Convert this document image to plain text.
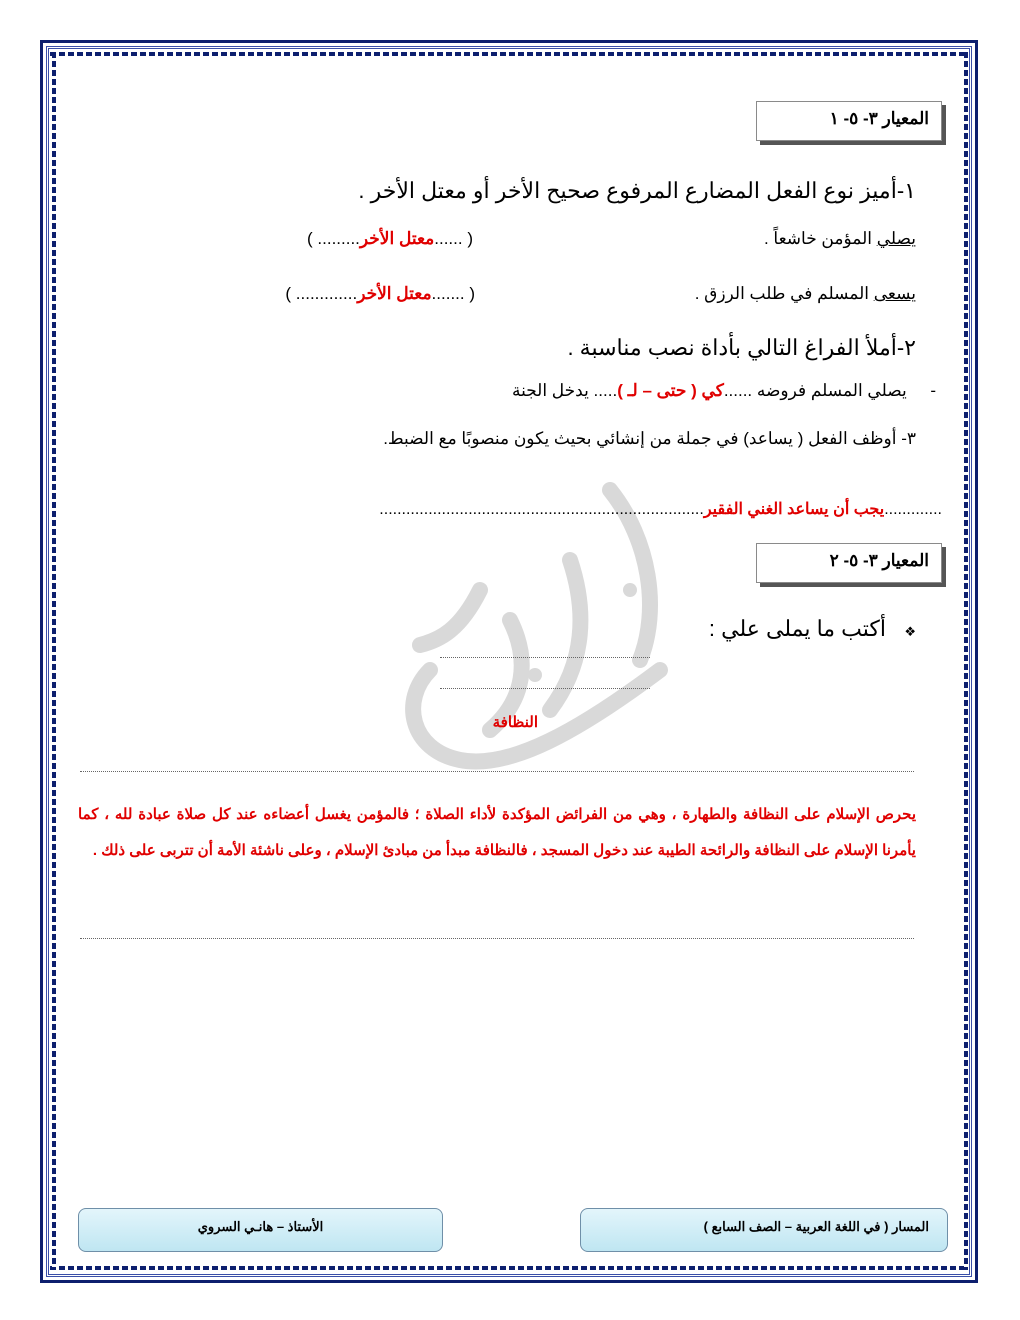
المعيار ٣- ٥- ١
١-أميز نوع الفعل المضارع المرفوع صحيح الأخر أو معتل الأخر .
يصلي المؤمن خاشعاً .
( ......معتل الأخر......... )
يسعى المسلم في طلب الرزق .
( .......معتل الأخر............. )
٢-أملأ الفراغ التالي بأداة نصب مناسبة .
-     يصلي المسلم فروضه ......كي ( حتى – لـ )..... يدخل الجنة
٣- أوظف الفعل ( يساعد) في جملة من إنشائي بحيث يكون منصوبًا مع الضبط.
.............يجب أن يساعد الغني الفقير.........................................................................
المعيار ٣- ٥- ٢
❖   أكتب ما يملى علي :
النظافة
يحرص الإسلام على النظافة والطهارة ، وهي من الفرائض المؤكدة لأداء الصلاة ؛ فالمؤمن يغسل أعضاءه عند كل صلاة عبادة لله ، كما يأمرنا الإسلام على النظافة والرائحة الطيبة عند دخول المسجد ، فالنظافة مبدأ من مبادئ الإسلام ، وعلى ناشئة الأمة أن تتربى على ذلك .
المسار ( في اللغة العربية – الصف السابع )
الأستاذ – هانـي السروي
